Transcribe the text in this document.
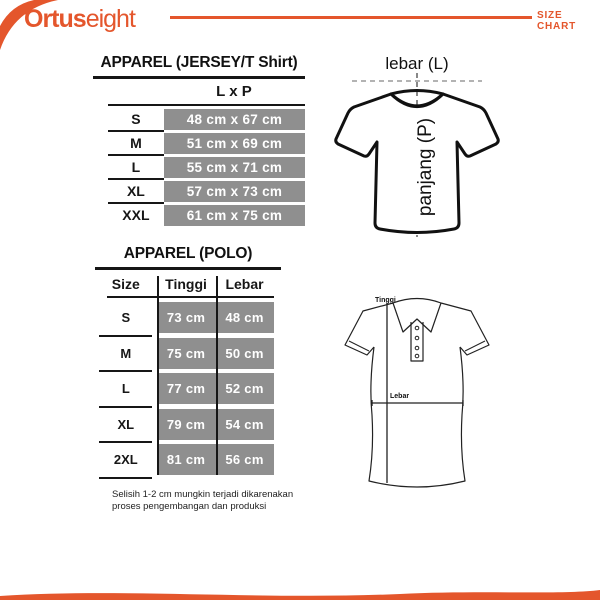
Ortuseight	SIZE CHART
APPAREL (JERSEY/T Shirt)
L x P
S	48 cm x 67 cm
M	51 cm x 69 cm
L	55 cm x 71 cm
XL	57 cm x 73 cm
XXL	61 cm x 75 cm
APPAREL (POLO)
Size	Tinggi	Lebar
S	73 cm	48 cm
M	75 cm	50 cm
L	77 cm	52 cm
XL	79 cm	54 cm
2XL	81 cm	56 cm
lebar (L)
panjang (P)
Tinggi
Lebar
Selisih 1-2 cm mungkin terjadi dikarenakan
proses pengembangan dan produksi
